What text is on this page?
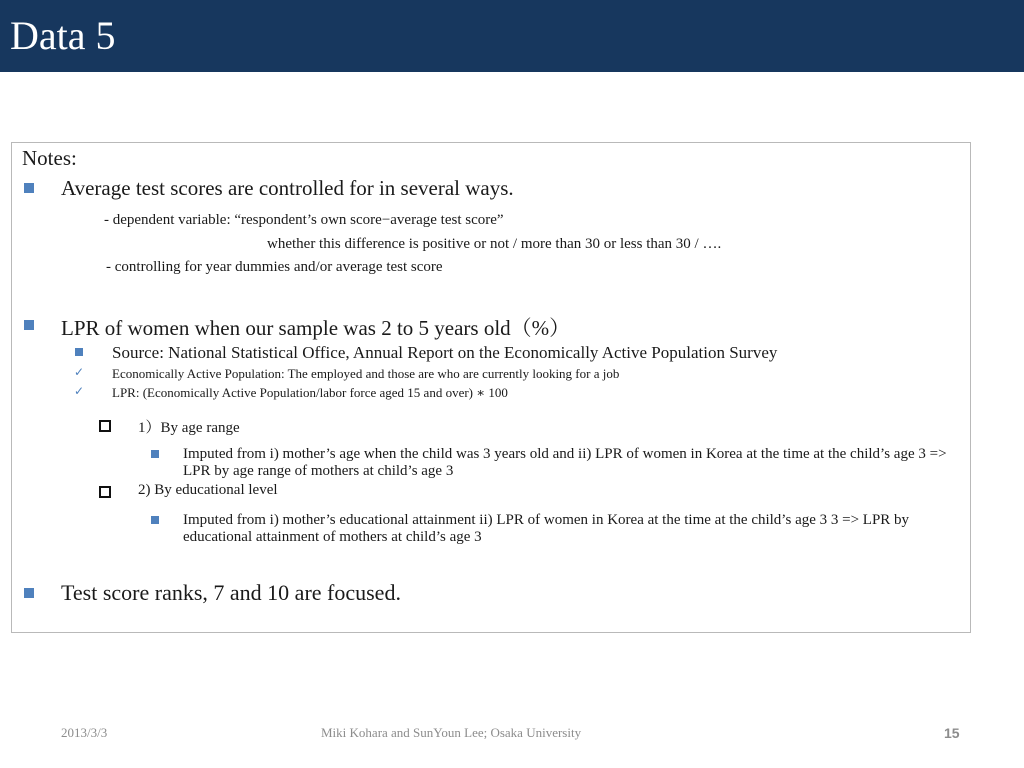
Data 5
Notes:
Average test scores are controlled for in several ways.
- dependent variable: “respondent’s own score−average test score”
whether this difference is positive or not / more than 30 or less than 30 / ….
- controlling for year dummies and/or average test score
LPR of women when our sample was 2 to 5 years old（%）
Source: National Statistical Office, Annual Report on the Economically Active Population Survey
✓ Economically Active Population: The employed and those are who are currently looking for a job
✓ LPR: (Economically Active Population/labor force aged 15 and over) ∗ 100
1）By age range
Imputed from i) mother’s age when the child was 3 years old and ii) LPR of women in Korea at the time at the child’s age 3 => LPR by age range of mothers at child’s age 3
2) By educational level
Imputed from i) mother’s educational attainment ii) LPR of women in Korea at the time at the child’s age 3 3 => LPR by educational attainment of mothers at child’s age 3
Test score ranks, 7 and 10 are focused.
2013/3/3	Miki Kohara and SunYoun Lee; Osaka University	15
